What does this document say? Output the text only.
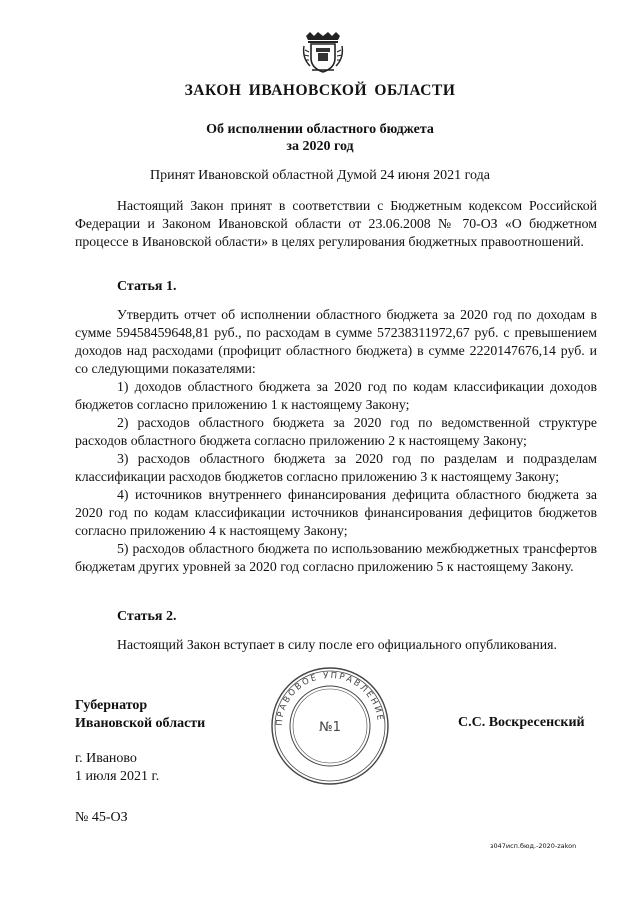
ЗАКОН ИВАНОВСКОЙ ОБЛАСТИ
Об исполнении областного бюджета
за 2020 год
Принят Ивановской областной Думой 24 июня 2021 года

Настоящий Закон принят в соответствии с Бюджетным кодексом Российской Федерации и Законом Ивановской области от 23.06.2008 № 70-ОЗ «О бюджетном процессе в Ивановской области» в целях регулирования бюджетных правоотношений.

Статья 1.

Утвердить отчет об исполнении областного бюджета за 2020 год по доходам в сумме 59458459648,81 руб., по расходам в сумме 57238311972,67 руб. с превышением доходов над расходами (профицит областного бюджета) в сумме 2220147676,14 руб. и со следующими показателями:

1) доходов областного бюджета за 2020 год по кодам классификации доходов бюджетов согласно приложению 1 к настоящему Закону;

2) расходов областного бюджета за 2020 год по ведомственной структуре расходов областного бюджета согласно приложению 2 к настоящему Закону;

3) расходов областного бюджета за 2020 год по разделам и подразделам классификации расходов бюджетов согласно приложению 3 к настоящему Закону;

4) источников внутреннего финансирования дефицита областного бюджета за 2020 год по кодам классификации источников финансирования дефицитов бюджетов согласно приложению 4 к настоящему Закону;

5) расходов областного бюджета по использованию межбюджетных трансфертов бюджетам других уровней за 2020 год согласно приложению 5 к настоящему Закону.

Статья 2.

Настоящий Закон вступает в силу после его официального опубликования.

Губернатор
Ивановской области	ПРАВОВОЕ УПРАВЛЕНИЕ
№1	С.С. Воскресенский
г. Иваново
1 июля 2021 г.
№ 45-ОЗ
з047исп.бюд.-2020-zakon
